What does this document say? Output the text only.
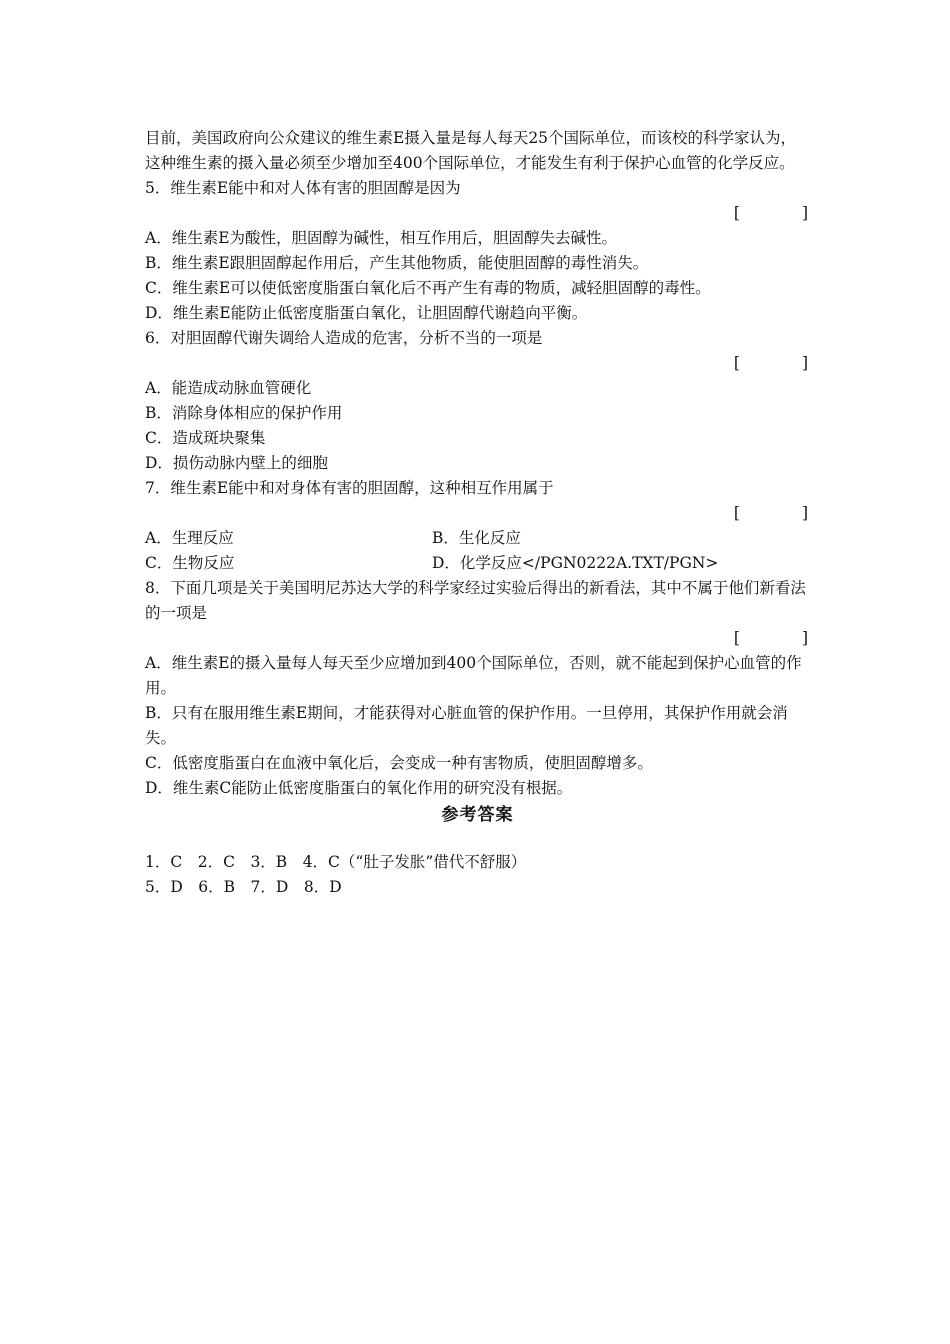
目前，美国政府向公众建议的维生素E摄入量是每人每天25个国际单位，而该校的科学家认为，这种维生素的摄入量必须至少增加至400个国际单位，才能发生有利于保护心血管的化学反应。
5．维生素E能中和对人体有害的胆固醇是因为
[    ]
A．维生素E为酸性，胆固醇为碱性，相互作用后，胆固醇失去碱性。
B．维生素E跟胆固醇起作用后，产生其他物质，能使胆固醇的毒性消失。
C．维生素E可以使低密度脂蛋白氧化后不再产生有毒的物质，减轻胆固醇的毒性。
D．维生素E能防止低密度脂蛋白氧化，让胆固醇代谢趋向平衡。
6．对胆固醇代谢失调给人造成的危害，分析不当的一项是
[    ]
A．能造成动脉血管硬化
B．消除身体相应的保护作用
C．造成斑块聚集
D．损伤动脉内壁上的细胞
7．维生素E能中和对身体有害的胆固醇，这种相互作用属于
[    ]
A．生理反应	B．生化反应
C．生物反应	D．化学反应</PGN0222A.TXT/PGN>
8．下面几项是关于美国明尼苏达大学的科学家经过实验后得出的新看法，其中不属于他们新看法的一项是
[    ]
A．维生素E的摄入量每人每天至少应增加到400个国际单位，否则，就不能起到保护心血管的作用。
B．只有在服用维生素E期间，才能获得对心脏血管的保护作用。一旦停用，其保护作用就会消失。
C．低密度脂蛋白在血液中氧化后，会变成一种有害物质，使胆固醇增多。
D．维生素C能防止低密度脂蛋白的氧化作用的研究没有根据。
参考答案
1．C　2．C　3．B　4．C（“肚子发胀”借代不舒服）
5．D　6．B　7．D　8．D
